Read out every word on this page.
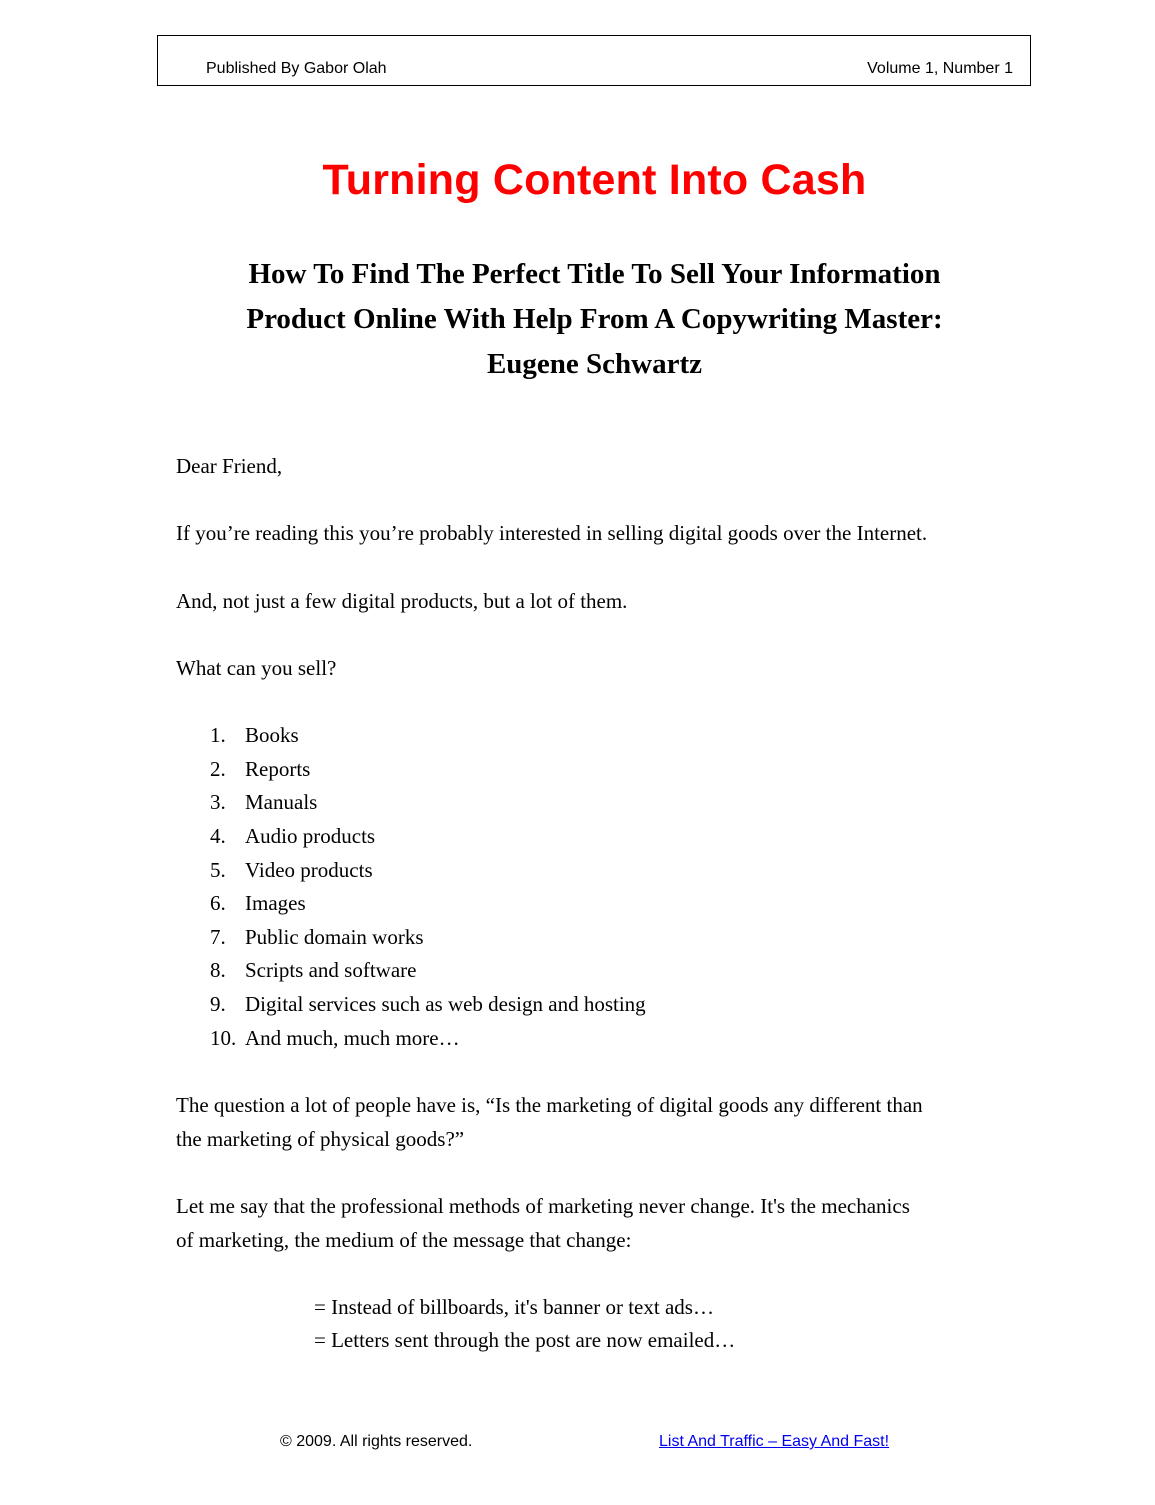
Published By Gabor Olah	Volume 1, Number 1
Turning Content Into Cash
How To Find The Perfect Title To Sell Your Information
Product Online With Help From A Copywriting Master:
Eugene Schwartz
Dear Friend,
If you’re reading this you’re probably interested in selling digital goods over the Internet.
And, not just a few digital products, but a lot of them.
What can you sell?
1. Books
2. Reports
3. Manuals
4. Audio products
5. Video products
6. Images
7. Public domain works
8. Scripts and software
9. Digital services such as web design and hosting
10. And much, much more…
The question a lot of people have is, “Is the marketing of digital goods any different than
the marketing of physical goods?”
Let me say that the professional methods of marketing never change. It's the mechanics
of marketing, the medium of the message that change:
= Instead of billboards, it's banner or text ads…
= Letters sent through the post are now emailed…
© 2009. All rights reserved.	List And Traffic – Easy And Fast!
